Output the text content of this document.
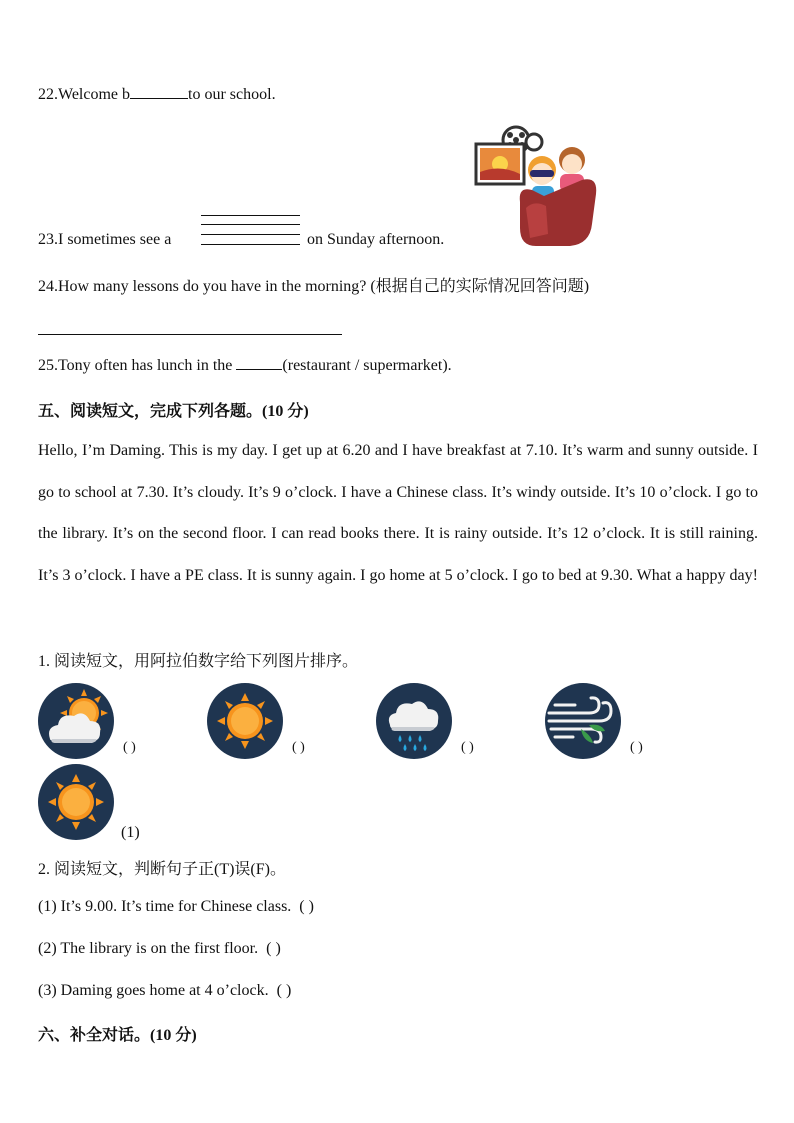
22.Welcome b	to our school.
23.I sometimes see a	on Sunday afternoon.
24.How many lessons do you have in the morning? (根据自己的实际情况回答问题)
25.Tony often has lunch in the	(restaurant / supermarket).
五、阅读短文，完成下列各题。(10 分)
Hello, I’m Daming. This is my day. I get up at 6.20 and I have breakfast at 7.10. It’s warm and sunny outside. I go to school at 7.30. It’s cloudy. It’s 9 o’clock. I have a Chinese class. It’s windy outside. It’s 10 o’clock. I go to the library. It’s on the second floor. I can read books there. It is rainy outside. It’s 12 o’clock. It is still raining. It’s 3 o’clock. I have a PE class. It is sunny again. I go home at 5 o’clock. I go to bed at 9.30. What a happy day!
1. 阅读短文，用阿拉伯数字给下列图片排序。
( )	( )	( )	( )
(1)
2. 阅读短文，判断句子正(T)误(F)。
(1) It’s 9.00. It’s time for Chinese class. ( )
(2) The library is on the first floor. ( )
(3) Daming goes home at 4 o’clock. ( )
六、补全对话。(10 分)
